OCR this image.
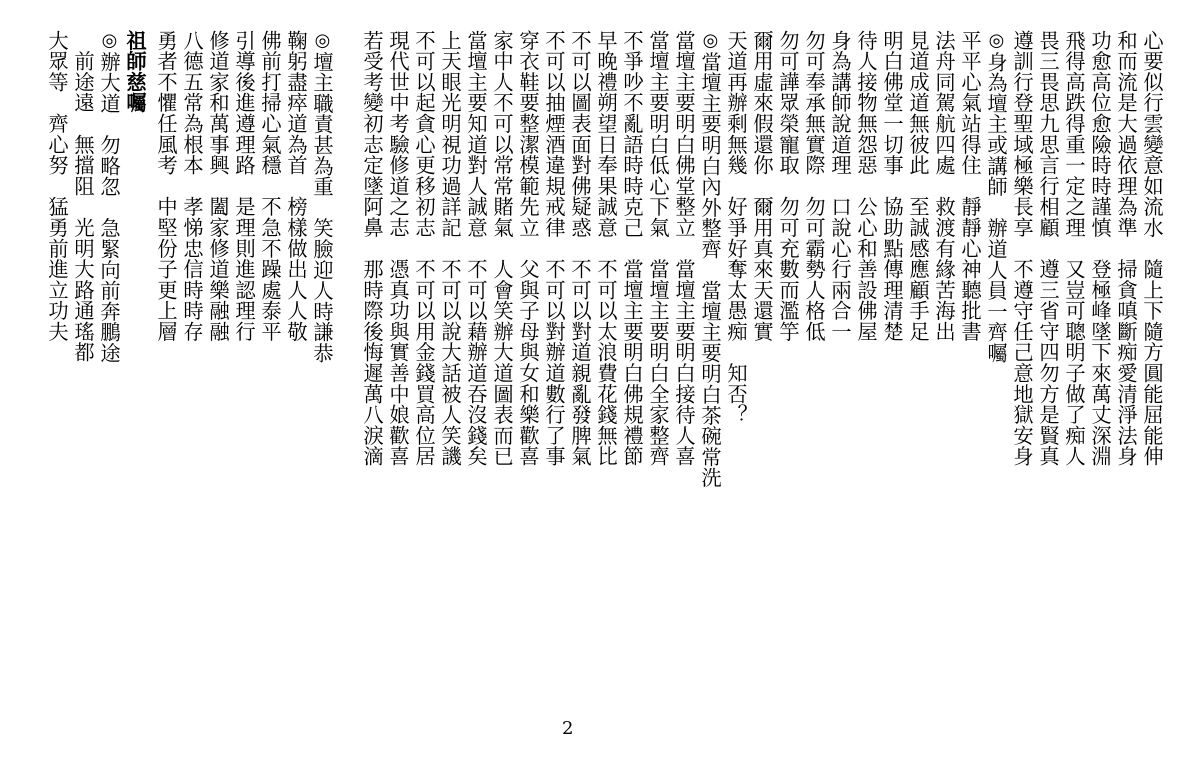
心要似行雲變意如流水　隨上下隨方圓能屈能伸
和而流是大過依理為準　掃貪嗔斷痴愛清淨法身
功愈高位愈險時時謹慎　登極峰墜下來萬丈深淵
飛得高跌得重一定之理　又豈可聰明子做了痴人
畏三畏思九思言行相顧　遵三省守四勿方是賢真
遵訓行登聖域極樂長享　不遵守任己意地獄安身
◎身為壇主或講師　辦道人員一齊囑
平平心氣站得住　靜靜心神聽批書
法舟同駕航四處　救渡有緣苦海出
見道成道無彼此　至誠感應顧手足
明白佛堂一切事　協助點傳理清楚
待人接物無怨惡　公心和善設佛屋
身為講師說道理　口說心行兩合一
勿可奉承無實際　勿可霸勢人格低
勿可譁眾榮寵取　勿可充數而濫竽
爾用虛來假還你　爾用真來天還實
天道再辦剩無幾　好爭好奪太愚痴　知否？
◎當壇主要明白內外整齊　當壇主要明白茶碗常洗
當壇主要明白佛堂整立　當壇主要明白接待人喜
當壇主要明白低心下氣　當壇主要明白全家整齊
不爭吵不亂語時時克己　當壇主要明白佛規禮節
早晚禮朔望日奉果誠意　不可以太浪費花錢無比
不可以圖表面對佛疑惑　不可以對道親亂發脾氣
不可以抽煙酒違規戒律　不可以對辦道數行了事
穿衣鞋要整潔模範先立　父與子母與女和樂歡喜
家中人不可以常常賭氣　人會笑辦大道圖表而已
當壇主要知道對人誠意　不可以藉辦道吞沒錢矣
上天眼光明視功過詳記　不可以說大話被人笑譏
不可以起貪心更移初志　不可以用金錢買高位居
現代世中考驗修道之志　憑真功與實善中娘歡喜
若受考變初志定墜阿鼻　那時際後悔遲萬八淚滴
◎壇主職責甚為重　笑臉迎人時謙恭
鞠躬盡瘁道為首　榜樣做出人人敬
佛前打掃心氣穩　不急不躁處泰平
引導後進遵理路　是理則進認理行
修道家和萬事興　闔家修道樂融融
八德五常為根本　孝悌忠信時時存
勇者不懼任風考　中堅份子更上層
祖師慈囑
◎辦大道　勿略忽　急緊向前奔鵬途
　前途遠　無擋阻　光明大路通瑤都
大眾等　齊心努　猛勇前進立功夫
2
